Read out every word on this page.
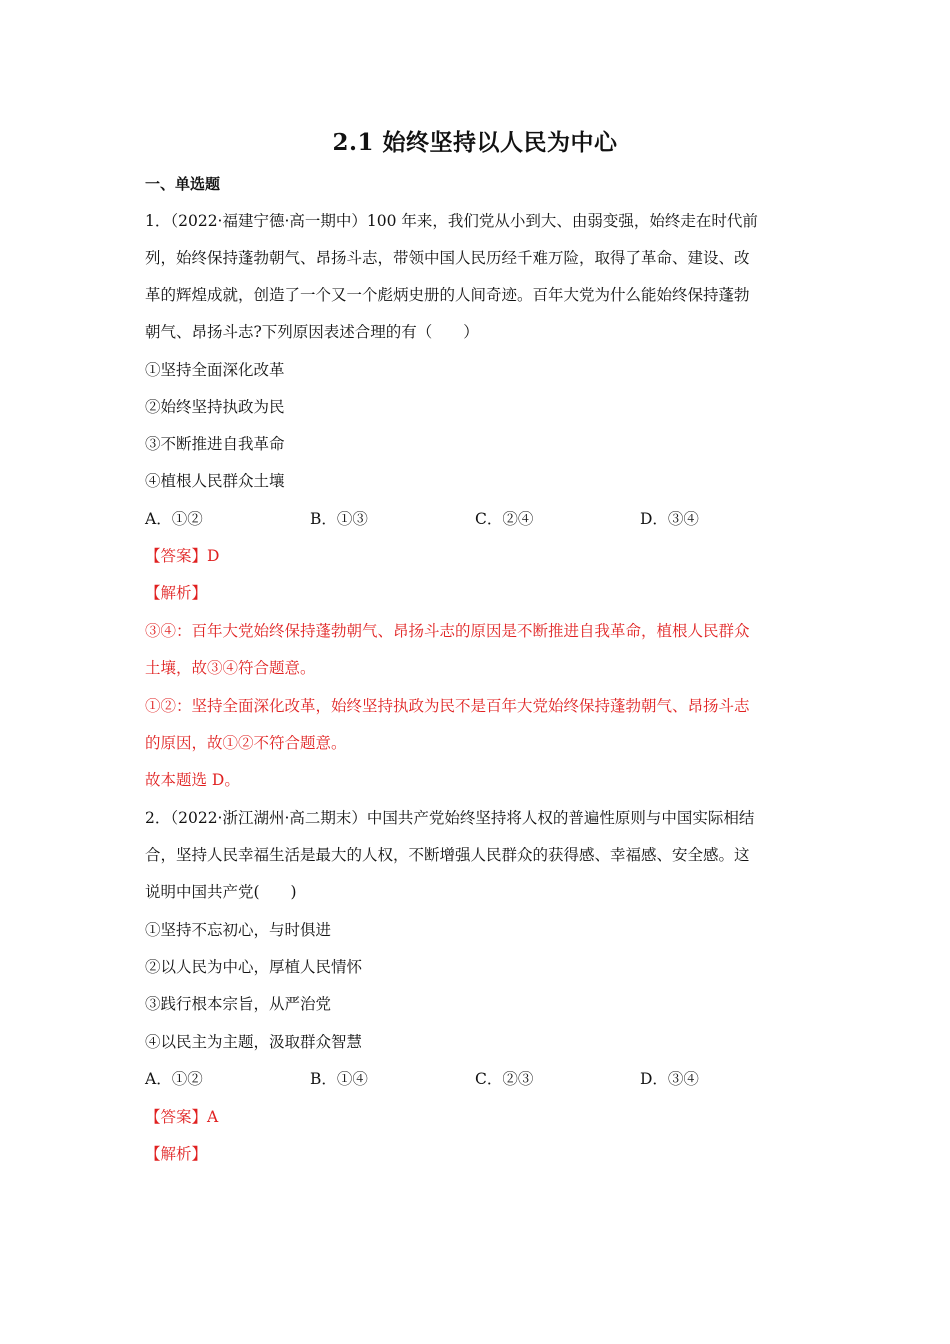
2.1 始终坚持以人民为中心
一、单选题
1．（2022·福建宁德·高一期中）100 年来，我们党从小到大、由弱变强，始终走在时代前
列，始终保持蓬勃朝气、昂扬斗志，带领中国人民历经千难万险，取得了革命、建设、改
革的辉煌成就，创造了一个又一个彪炳史册的人间奇迹。百年大党为什么能始终保持蓬勃
朝气、昂扬斗志?下列原因表述合理的有（　　）
①坚持全面深化改革
②始终坚持执政为民
③不断推进自我革命
④植根人民群众土壤
A．①②	B．①③	C．②④	D．③④
【答案】D
【解析】
③④：百年大党始终保持蓬勃朝气、昂扬斗志的原因是不断推进自我革命，植根人民群众
土壤，故③④符合题意。
①②：坚持全面深化改革，始终坚持执政为民不是百年大党始终保持蓬勃朝气、昂扬斗志
的原因，故①②不符合题意。
故本题选 D。
2．（2022·浙江湖州·高二期末）中国共产党始终坚持将人权的普遍性原则与中国实际相结
合，坚持人民幸福生活是最大的人权，不断增强人民群众的获得感、幸福感、安全感。这
说明中国共产党(　　)
①坚持不忘初心，与时俱进
②以人民为中心，厚植人民情怀
③践行根本宗旨，从严治党
④以民主为主题，汲取群众智慧
A．①②	B．①④	C．②③	D．③④
【答案】A
【解析】
